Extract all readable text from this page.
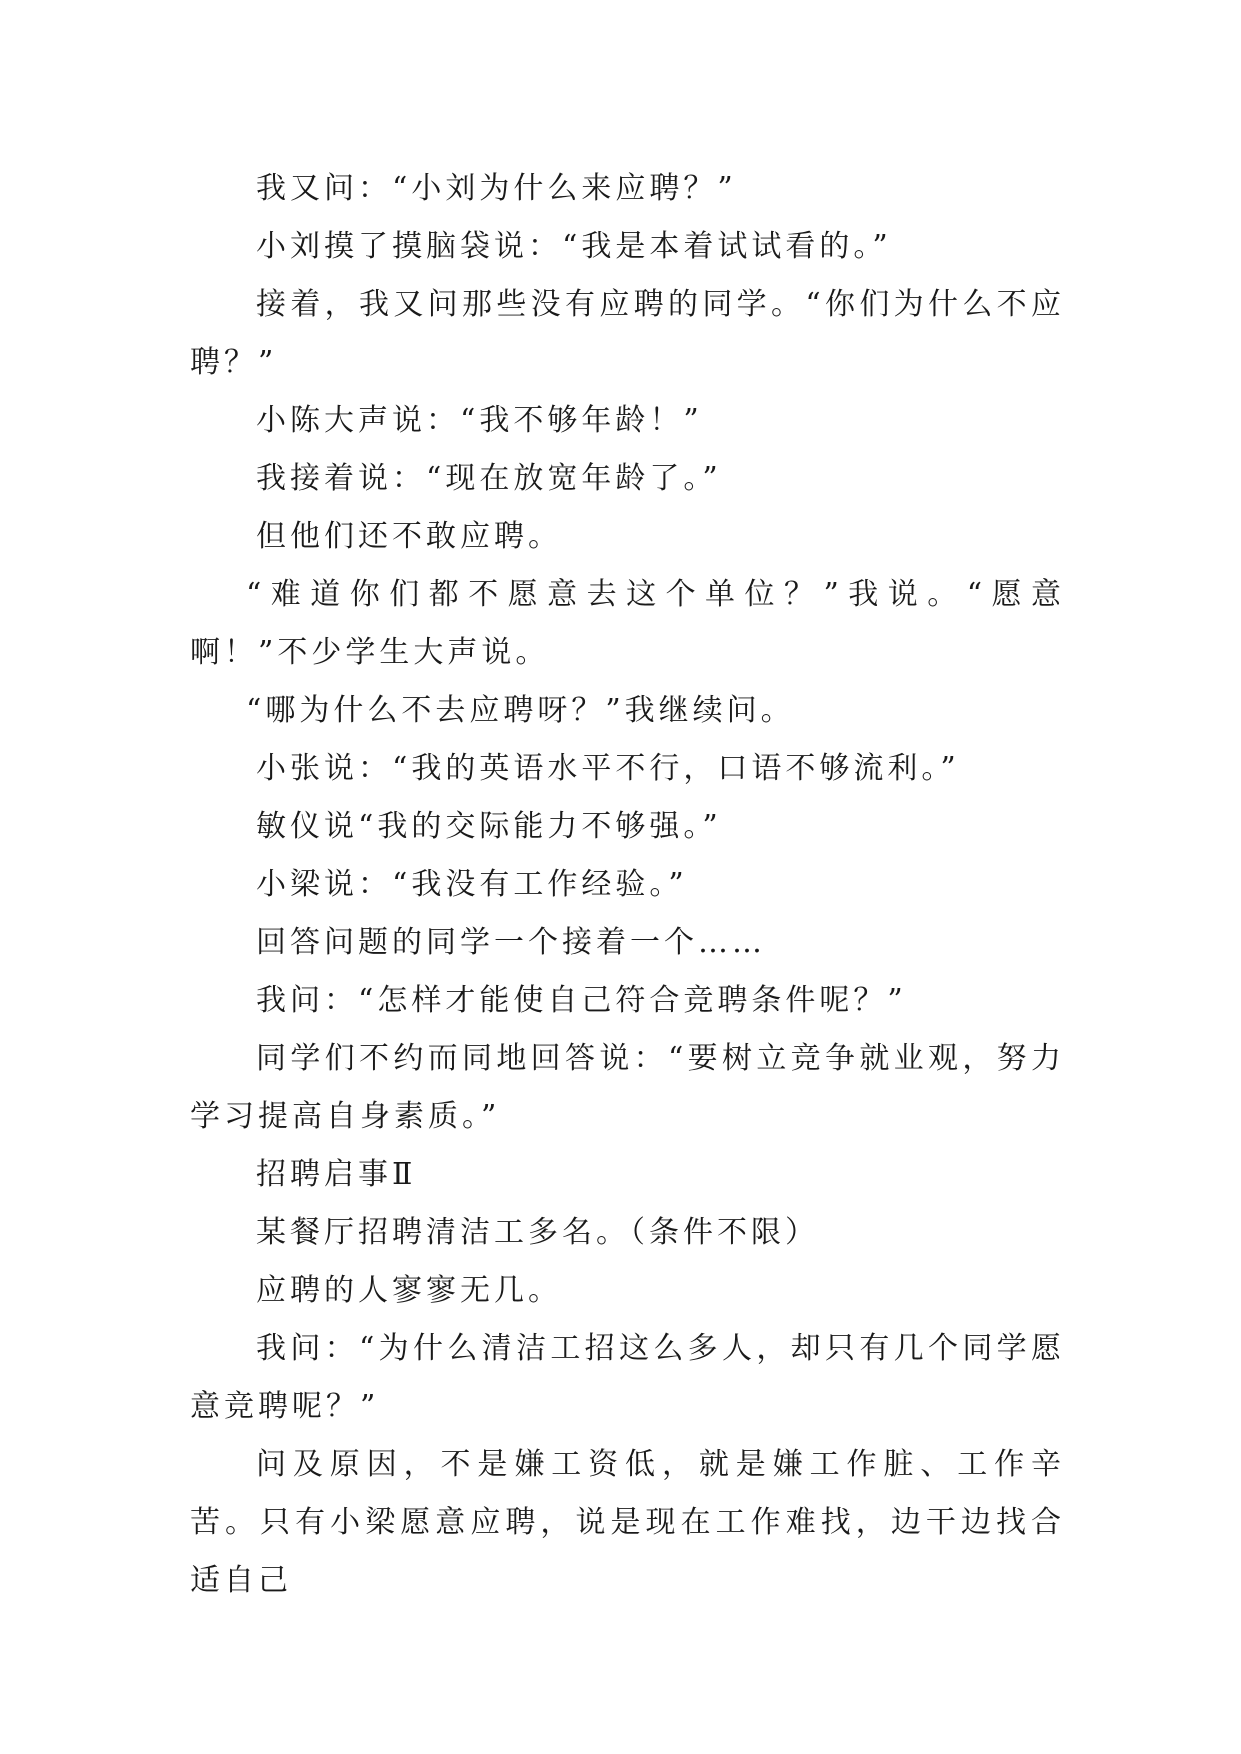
我又问：“小刘为什么来应聘？”

小刘摸了摸脑袋说：“我是本着试试看的。”

接着，我又问那些没有应聘的同学。“你们为什么不应聘？”

小陈大声说：“我不够年龄！”

我接着说：“现在放宽年龄了。”

但他们还不敢应聘。

“难道你们都不愿意去这个单位？”我说。“愿意啊！”不少学生大声说。

“哪为什么不去应聘呀？”我继续问。

小张说：“我的英语水平不行，口语不够流利。”

敏仪说“我的交际能力不够强。”

小梁说：“我没有工作经验。”

回答问题的同学一个接着一个……

我问：“怎样才能使自己符合竞聘条件呢？”

同学们不约而同地回答说：“要树立竞争就业观，努力学习提高自身素质。”

招聘启事Ⅱ

某餐厅招聘清洁工多名。（条件不限）

应聘的人寥寥无几。

我问：“为什么清洁工招这么多人，却只有几个同学愿意竞聘呢？”

问及原因，不是嫌工资低，就是嫌工作脏、工作辛苦。只有小梁愿意应聘，说是现在工作难找，边干边找合适自己
